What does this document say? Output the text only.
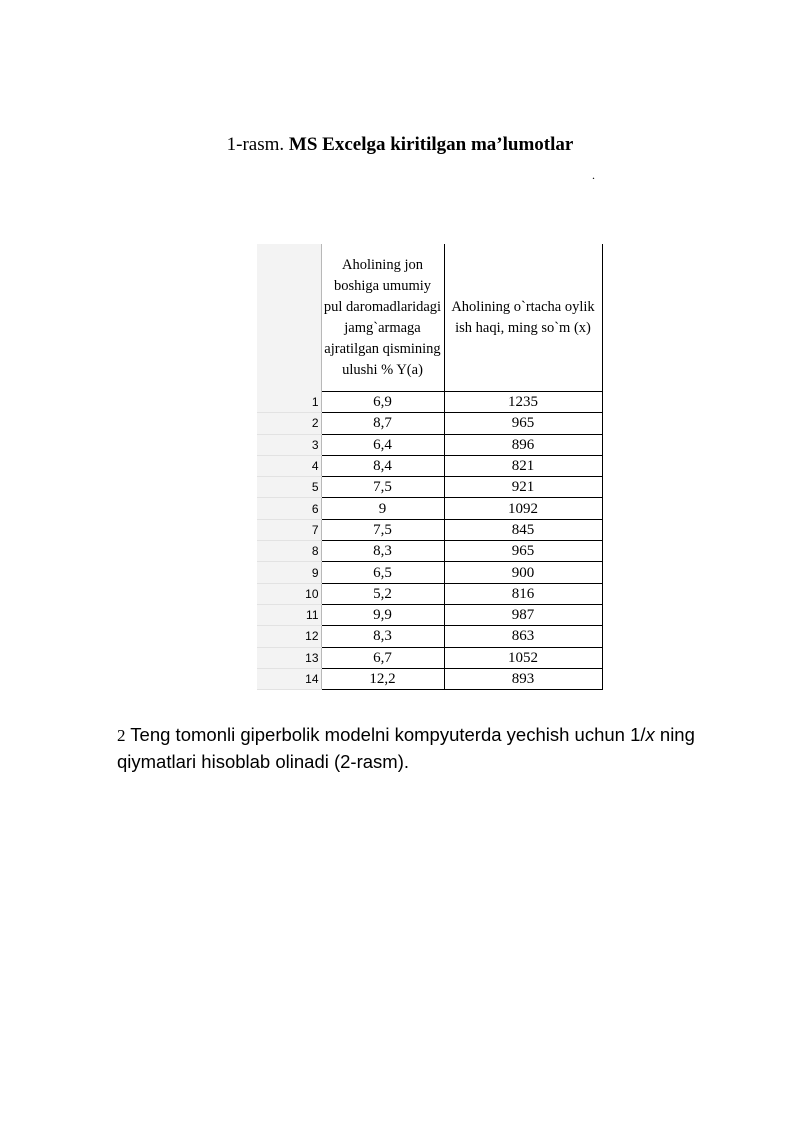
1-rasm. MS Excelga kiritilgan ma’lumotlar
.
	Aholining jon boshiga umumiy pul daromadlaridagi jamg`armaga ajratilgan qismining ulushi % Y(a)	Aholining o`rtacha oylik ish haqi, ming so`m (x)
1	6,9	1235
2	8,7	965
3	6,4	896
4	8,4	821
5	7,5	921
6	9	1092
7	7,5	845
8	8,3	965
9	6,5	900
10	5,2	816
11	9,9	987
12	8,3	863
13	6,7	1052
14	12,2	893
2 Teng tomonli giperbolik modelni kompyuterda yechish uchun 1/x ning qiymatlari hisoblab olinadi (2-rasm).
